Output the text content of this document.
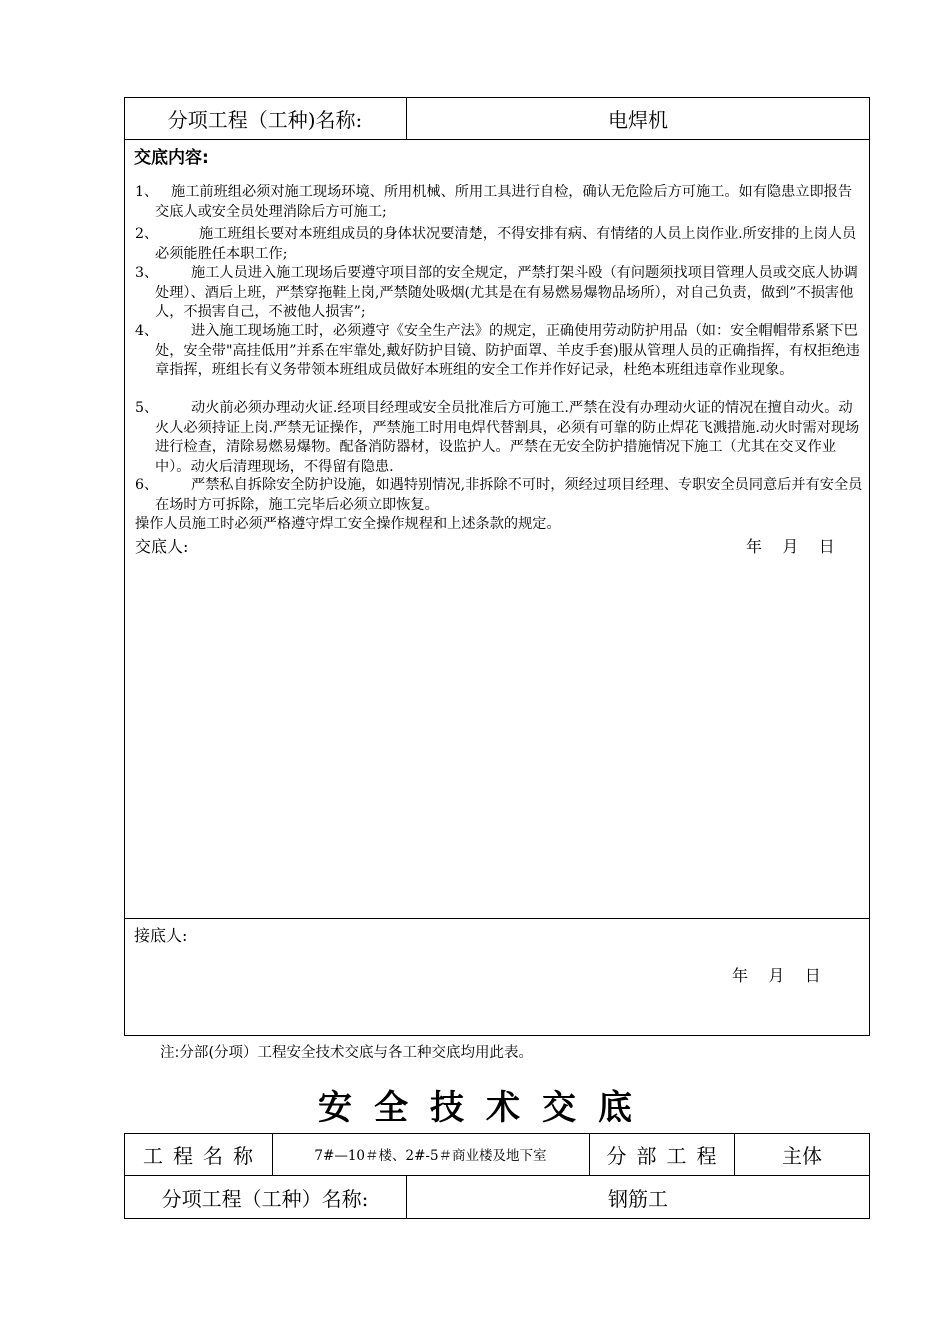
分项工程（工种)名称:	电焊机
交底内容:
1、 施工前班组必须对施工现场环境、所用机械、所用工具进行自检，确认无危险后方可施工。如有隐患立即报告交底人或安全员处理消除后方可施工;
2、	施工班组长要对本班组成员的身体状况要清楚，不得安排有病、有情绪的人员上岗作业.所安排的上岗人员必须能胜任本职工作;
3、	施工人员进入施工现场后要遵守项目部的安全规定，严禁打架斗殴（有问题须找项目管理人员或交底人协调处理）、酒后上班，严禁穿拖鞋上岗,严禁随处吸烟(尤其是在有易燃易爆物品场所），对自己负责，做到”不损害他人，不损害自己，不被他人损害”;
4、	进入施工现场施工时，必须遵守《安全生产法》的规定，正确使用劳动防护用品（如：安全帽帽带系紧下巴处，安全带"高挂低用”并系在牢靠处,戴好防护目镜、防护面罩、羊皮手套)服从管理人员的正确指挥，有权拒绝违章指挥，班组长有义务带领本班组成员做好本班组的安全工作并作好记录，杜绝本班组违章作业现象。
5、	动火前必须办理动火证.经项目经理或安全员批准后方可施工.严禁在没有办理动火证的情况在擅自动火。动火人必须持证上岗.严禁无证操作，严禁施工时用电焊代替割具，必须有可靠的防止焊花飞溅措施.动火时需对现场进行检查，清除易燃易爆物。配备消防器材，设监护人。严禁在无安全防护措施情况下施工（尤其在交叉作业中）。动火后清理现场，不得留有隐患.
6、	严禁私自拆除安全防护设施，如遇特别情况,非拆除不可时，须经过项目经理、专职安全员同意后并有安全员在场时方可拆除，施工完毕后必须立即恢复。
操作人员施工时必须严格遵守焊工安全操作规程和上述条款的规定。
交底人:	年    月    日
接底人:
年    月    日
注:分部(分项）工程安全技术交底与各工种交底均用此表。
安全技术交底
工程名称	7#—10＃楼、2#-5＃商业楼及地下室	分部工程	主体
分项工程（工种）名称:	钢筋工
